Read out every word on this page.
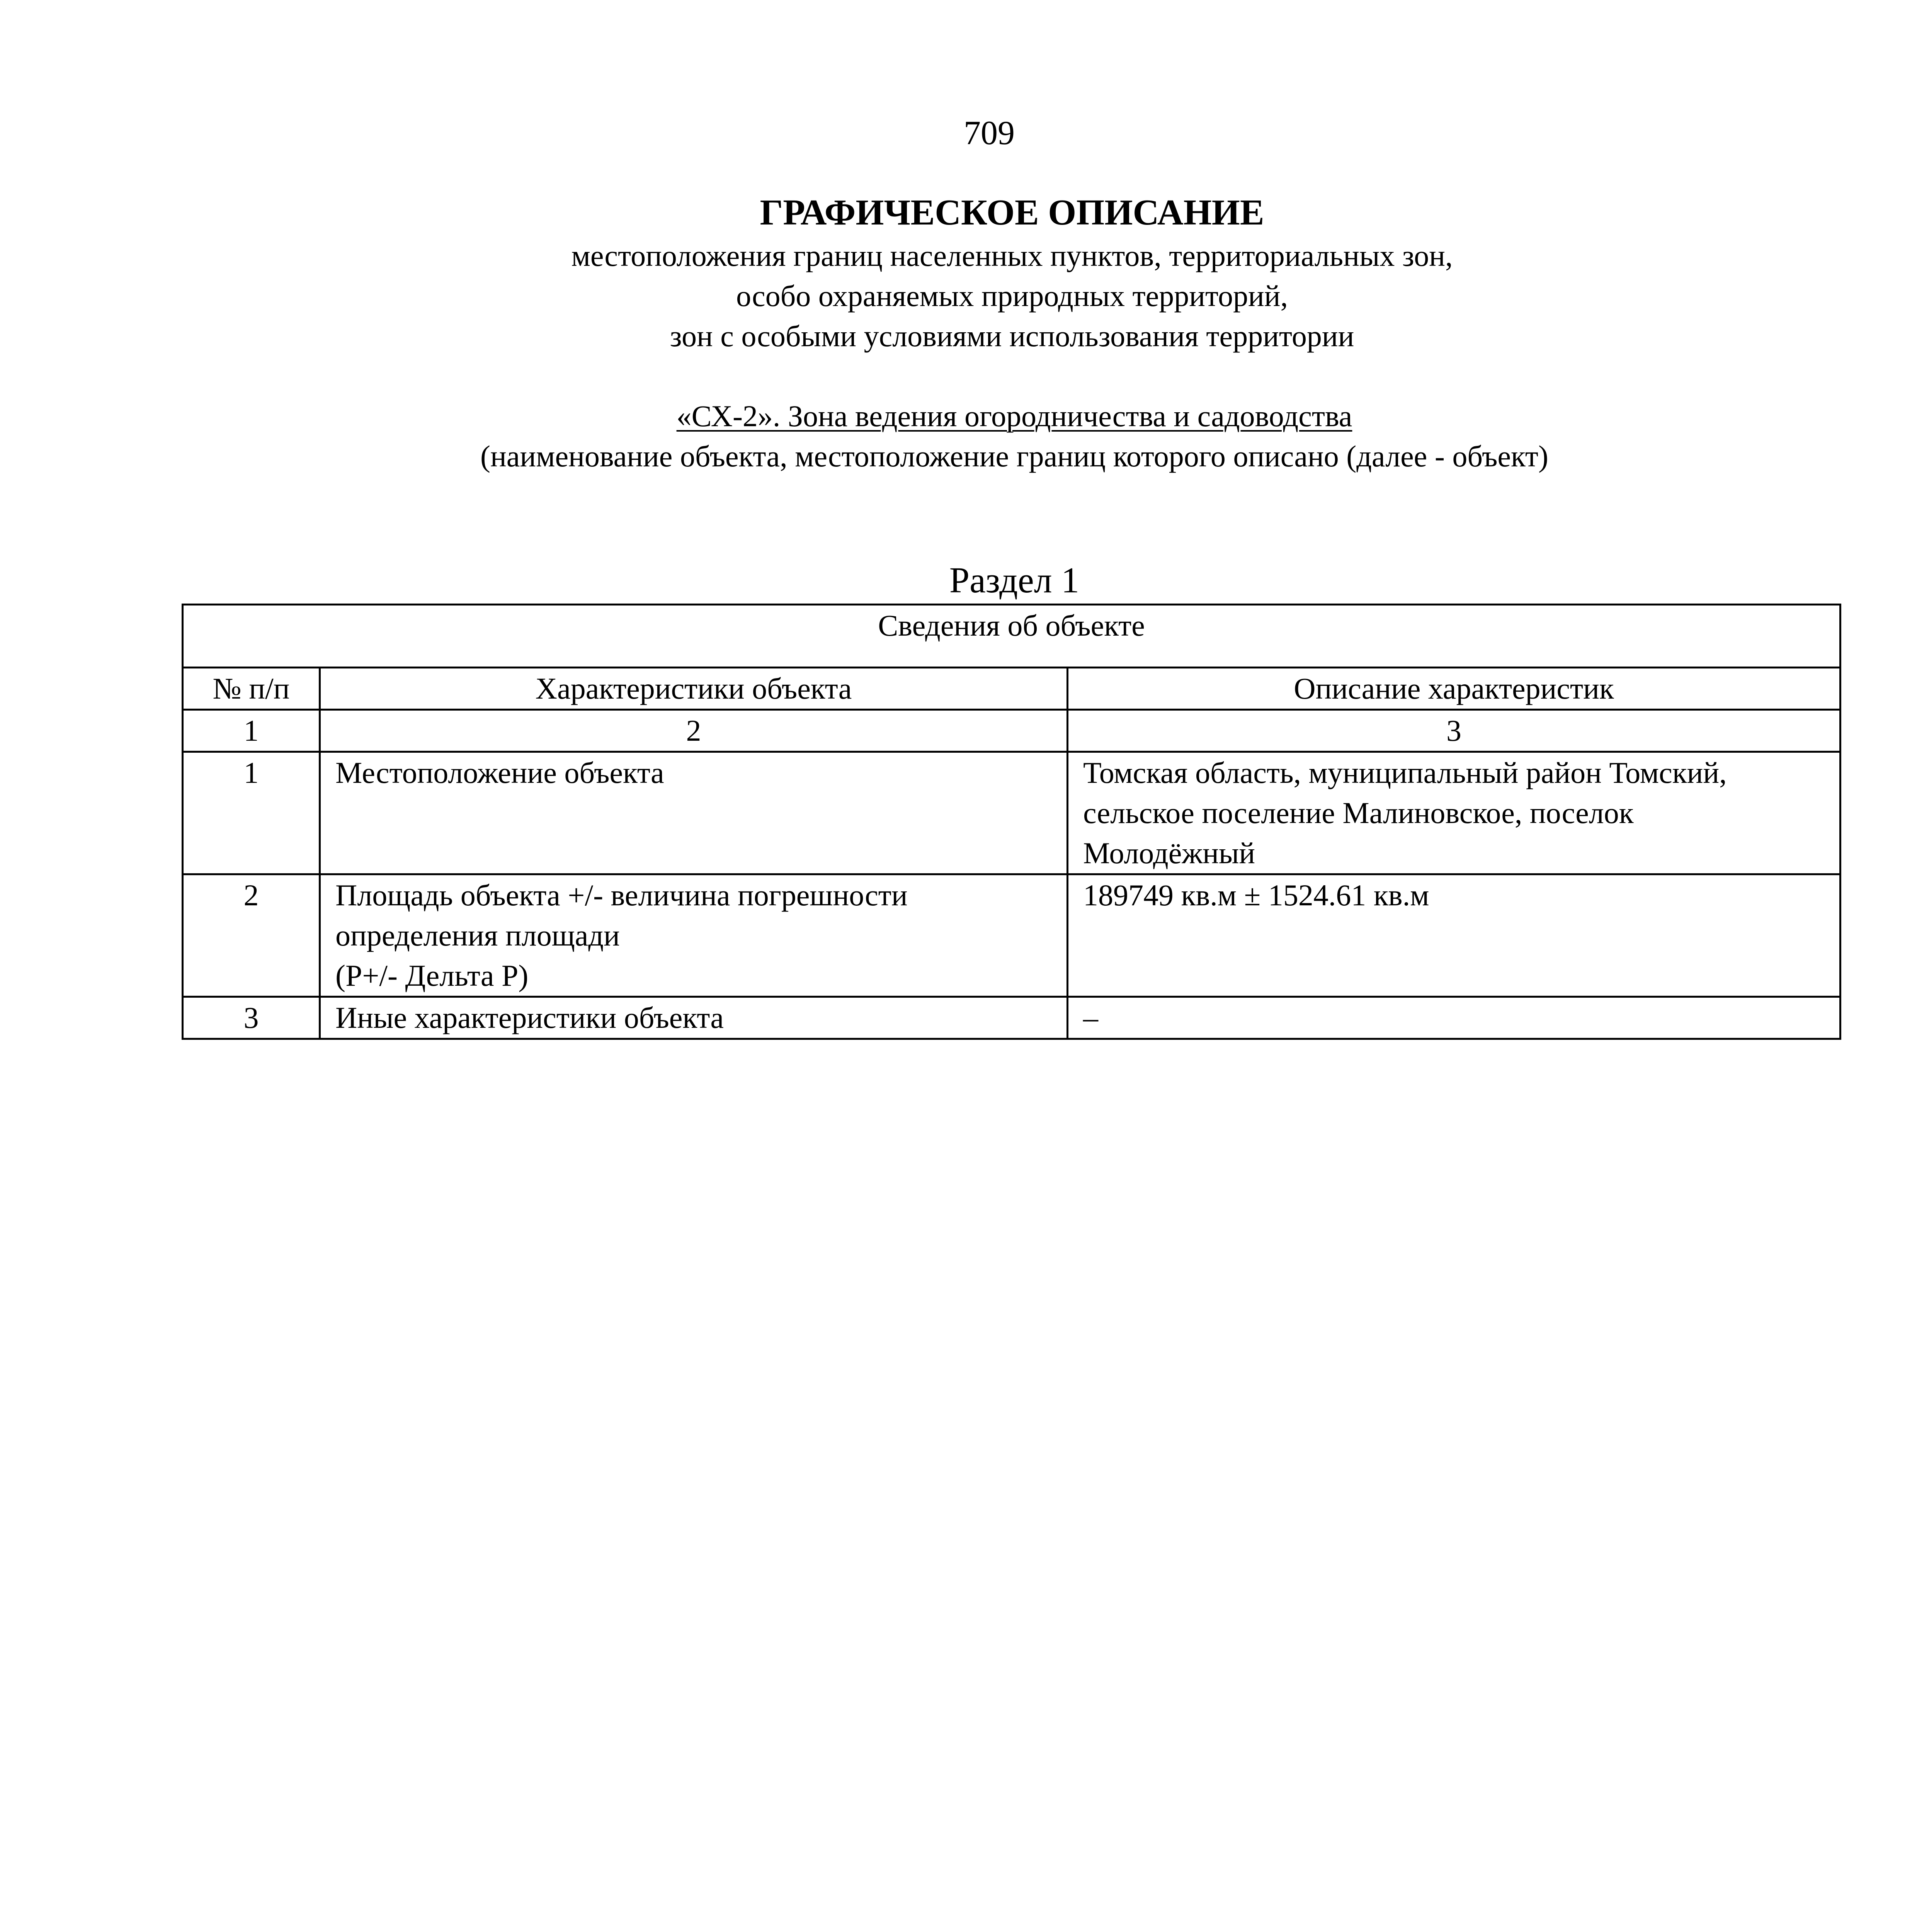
709
ГРАФИЧЕСКОЕ ОПИСАНИЕ
местоположения границ населенных пунктов, территориальных зон,
особо охраняемых природных территорий,
зон с особыми условиями использования территории
«СХ-2». Зона ведения огородничества и садоводства
(наименование объекта, местоположение границ которого описано (далее - объект)
Раздел 1
Сведения об объекте		
№ п/п	Характеристики объекта	Описание характеристик
1	2	3
1	Местоположение объекта	Томская область, муниципальный район Томский,
сельское поселение Малиновское, поселок
Молодёжный

2	Площадь объекта +/- величина погрешности
определения площади
(Р+/- Дельта Р)	189749 кв.м ± 1524.61 кв.м

3	Иные характеристики объекта	–
